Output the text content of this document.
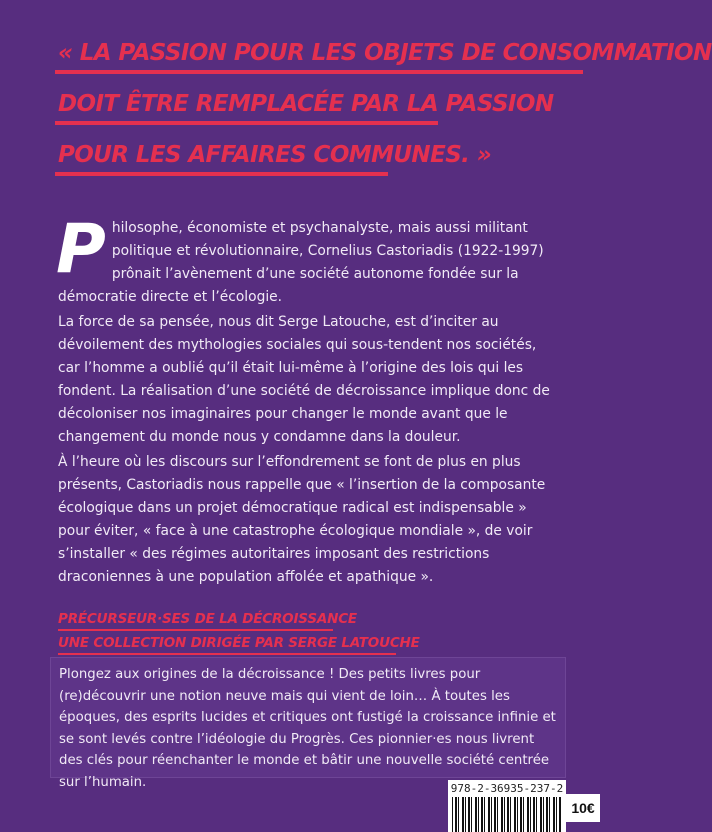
« LA PASSION POUR LES OBJETS DE CONSOMMATION
DOIT ÊTRE REMPLACÉE PAR LA PASSION
POUR LES AFFAIRES COMMUNES. »
P hilosophe, économiste et psychanalyste, mais aussi militant politique et révolutionnaire, Cornelius Castoriadis (1922-1997) prônait l’avènement d’une société autonome fondée sur la démocratie directe et l’écologie.
La force de sa pensée, nous dit Serge Latouche, est d’inciter au dévoilement des mythologies sociales qui sous-tendent nos sociétés, car l’homme a oublié qu’il était lui-même à l’origine des lois qui les fondent. La réalisation d’une société de décroissance implique donc de décoloniser nos imaginaires pour changer le monde avant que le changement du monde nous y condamne dans la douleur.
À l’heure où les discours sur l’effondrement se font de plus en plus présents, Castoriadis nous rappelle que « l’insertion de la composante écologique dans un projet démocratique radical est indispensable » pour éviter, « face à une catastrophe écologique mondiale », de voir s’installer « des régimes autoritaires imposant des restrictions draconiennes à une population affolée et apathique ».
PRÉCURSEUR·SES DE LA DÉCROISSANCE
UNE COLLECTION DIRIGÉE PAR SERGE LATOUCHE
Plongez aux origines de la décroissance ! Des petits livres pour (re)découvrir une notion neuve mais qui vient de loin… À toutes les époques, des esprits lucides et critiques ont fustigé la croissance infinie et se sont levés contre l’idéologie du Progrès. Ces pionnier·es nous livrent des clés pour réenchanter le monde et bâtir une nouvelle société centrée sur l’humain.	978-2-36935-237-2
10€
